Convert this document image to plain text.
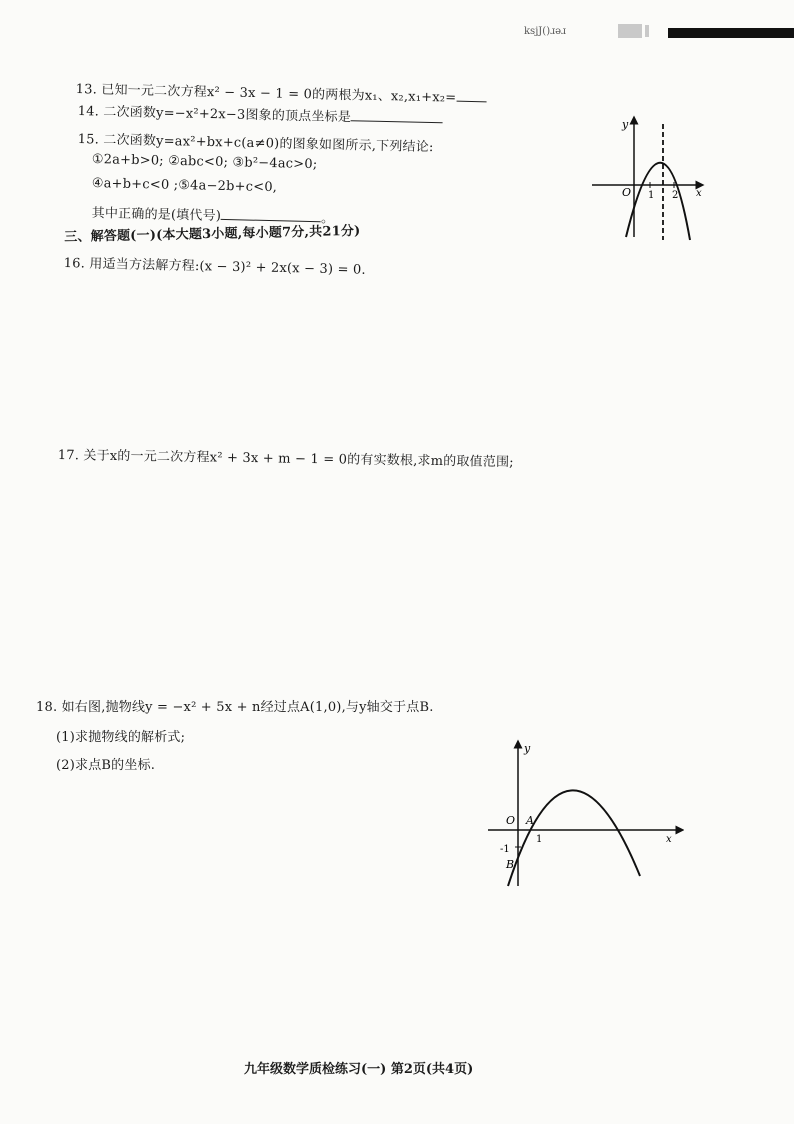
ksjJ()ɹǝɹ
13. 已知一元二次方程x² − 3x − 1 = 0的两根为x₁、x₂,x₁+x₂=
14. 二次函数y=−x²+2x−3图象的顶点坐标是
15. 二次函数y=ax²+bx+c(a≠0)的图象如图所示,下列结论:
①2a+b>0; ②abc<0; ③b²−4ac>0;
④a+b+c<0 ;⑤4a−2b+c<0,
其中正确的是(填代号)	。
三、解答题(一)(本大题3小题,每小题7分,共21分)
16. 用适当方法解方程:(x − 3)² + 2x(x − 3) = 0.
17. 关于x的一元二次方程x² + 3x + m − 1 = 0的有实数根,求m的取值范围;
18. 如右图,抛物线y = −x² + 5x + n经过点A(1,0),与y轴交于点B.
(1)求抛物线的解析式;
(2)求点B的坐标.
y
x
O 1 2
y
x
O A
1
-1
B
九年级数学质检练习(一) 第2页(共4页)
